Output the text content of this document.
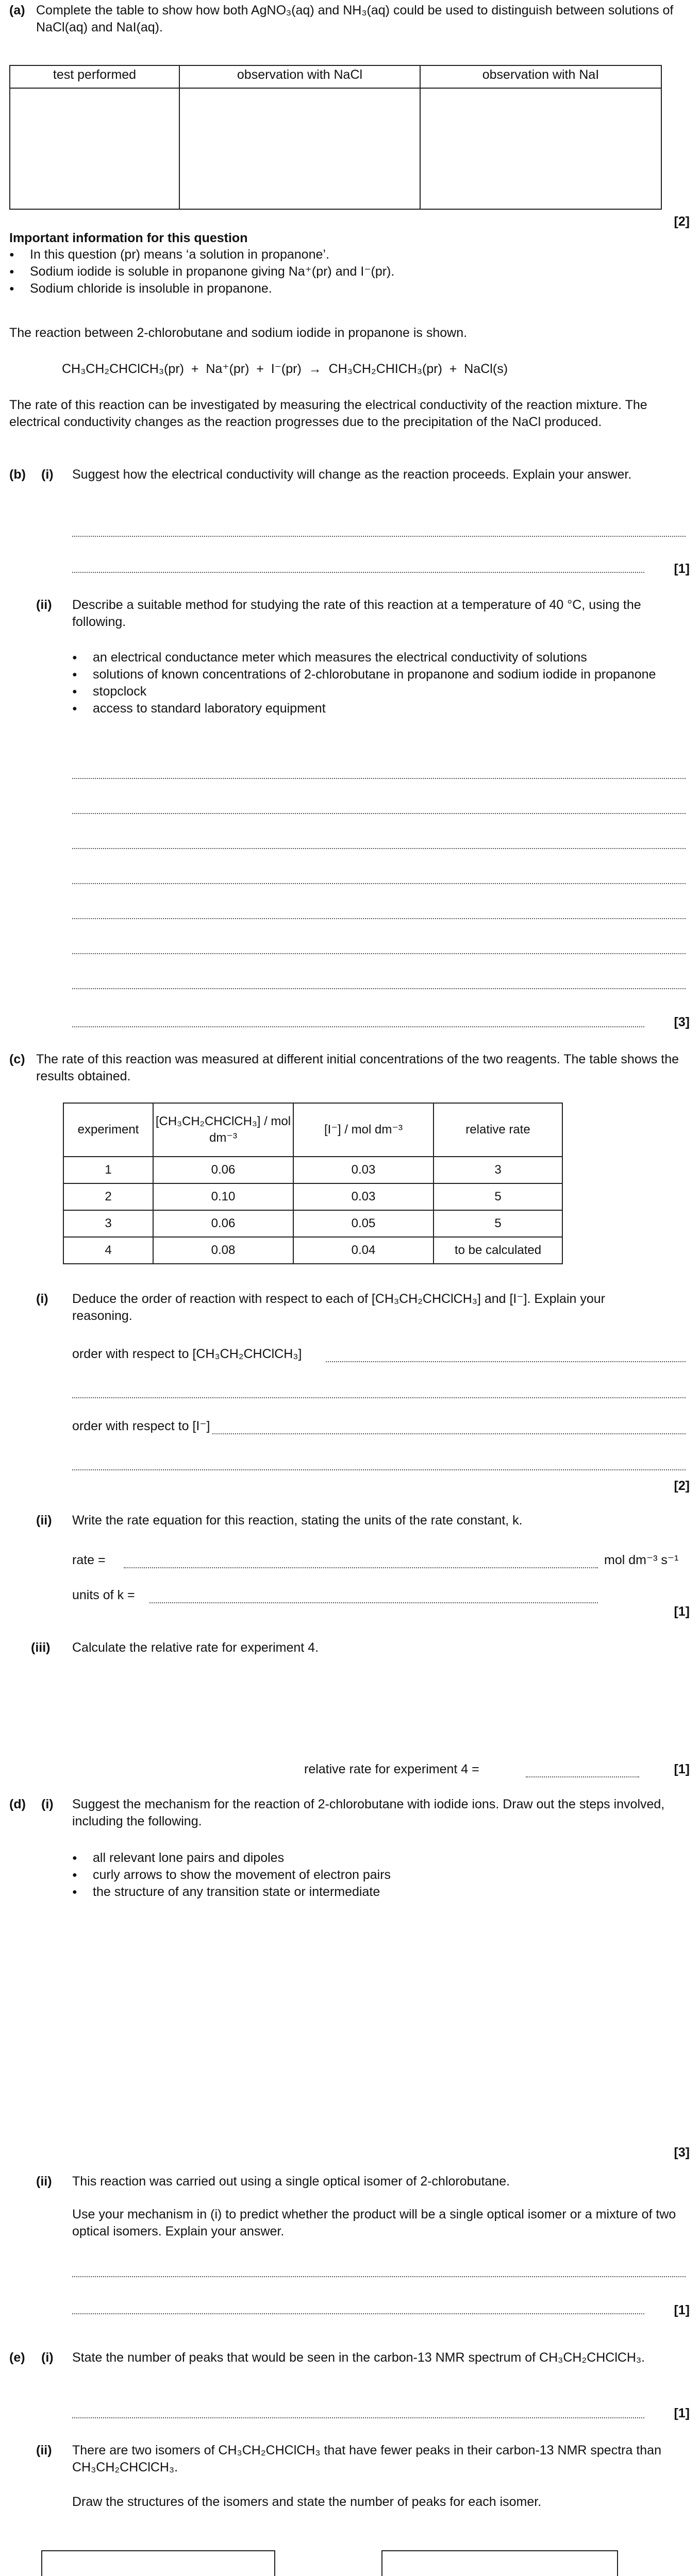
(a) Complete the table to show how both AgNO₃(aq) and NH₃(aq) could be used to distinguish between solutions of NaCl(aq) and NaI(aq).
test performed	observation with NaCl	observation with NaI

[2]
Important information for this question
● In this question (pr) means ‘a solution in propanone’.
● Sodium iodide is soluble in propanone giving Na⁺(pr) and I⁻(pr).
● Sodium chloride is insoluble in propanone.
The reaction between 2-chlorobutane and sodium iodide in propanone is shown.
CH₃CH₂CHClCH₃(pr)  +  Na⁺(pr)  +  I⁻(pr)  →  CH₃CH₂CHICH₃(pr)  +  NaCl(s)
The rate of this reaction can be investigated by measuring the electrical conductivity of the reaction mixture. The electrical conductivity changes as the reaction progresses due to the precipitation of the NaCl produced.
(b) (i) Suggest how the electrical conductivity will change as the reaction proceeds. Explain your answer.
[1]
(ii) Describe a suitable method for studying the rate of this reaction at a temperature of 40 °C, using the following.
● an electrical conductance meter which measures the electrical conductivity of solutions
● solutions of known concentrations of 2-chlorobutane in propanone and sodium iodide in propanone
● stopclock
● access to standard laboratory equipment
[3]
(c) The rate of this reaction was measured at different initial concentrations of the two reagents. The table shows the results obtained.
experiment	[CH₃CH₂CHClCH₃] / mol dm⁻³	[I⁻] / mol dm⁻³	relative rate
1	0.06	0.03	3
2	0.10	0.03	5
3	0.06	0.05	5
4	0.08	0.04	to be calculated
(i) Deduce the order of reaction with respect to each of [CH₃CH₂CHClCH₃] and [I⁻]. Explain your reasoning.
order with respect to [CH₃CH₂CHClCH₃]
order with respect to [I⁻]
[2]
(ii) Write the rate equation for this reaction, stating the units of the rate constant, k.
rate =	mol dm⁻³ s⁻¹
units of k =
[1]
(iii) Calculate the relative rate for experiment 4.
relative rate for experiment 4 =	[1]
(d) (i) Suggest the mechanism for the reaction of 2-chlorobutane with iodide ions. Draw out the steps involved, including the following.
● all relevant lone pairs and dipoles
● curly arrows to show the movement of electron pairs
● the structure of any transition state or intermediate
[3]
(ii) This reaction was carried out using a single optical isomer of 2-chlorobutane.
Use your mechanism in (i) to predict whether the product will be a single optical isomer or a mixture of two optical isomers. Explain your answer.
[1]
(e) (i) State the number of peaks that would be seen in the carbon-13 NMR spectrum of CH₃CH₂CHClCH₃.
[1]
(ii) There are two isomers of CH₃CH₂CHClCH₃ that have fewer peaks in their carbon-13 NMR spectra than CH₃CH₂CHClCH₃.
Draw the structures of the isomers and state the number of peaks for each isomer.
